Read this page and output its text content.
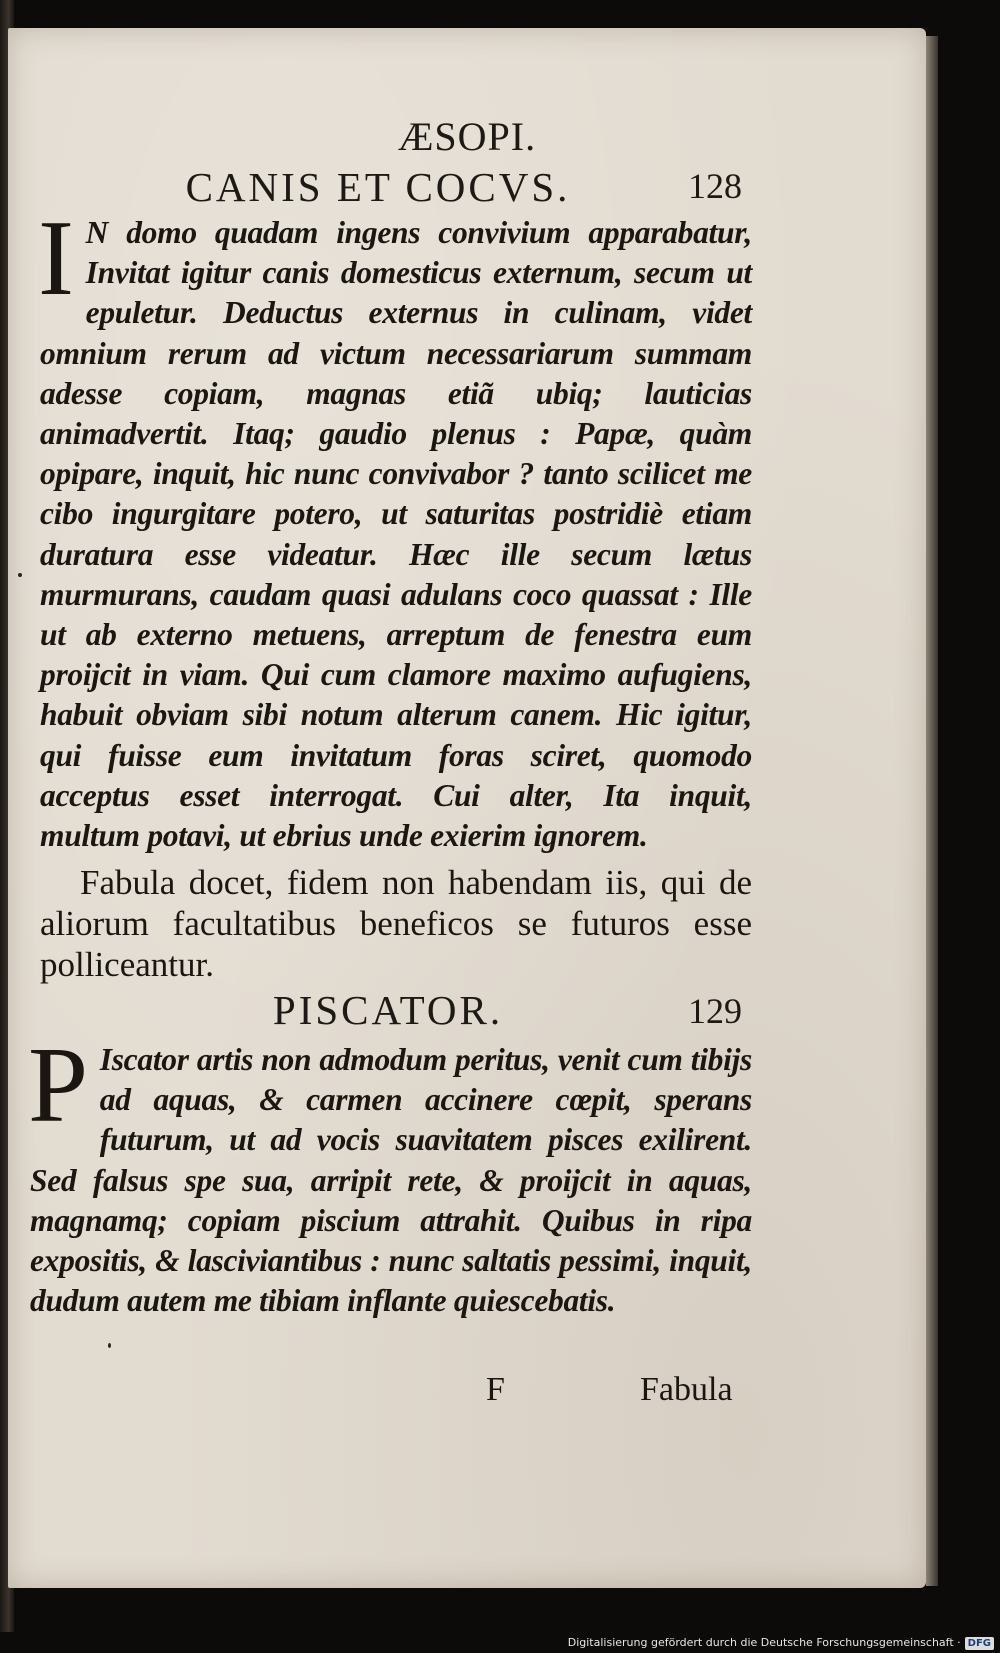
ÆSOPI.
CANIS ET COCVS.	128

I N domo quadam ingens convivium apparabatur, Invitat igitur canis domesticus externum, secum ut epuletur. Deductus externus in culinam, videt omnium rerum ad victum necessariarum summam adesse copiam, magnas etiã ubiq; lauticias animadvertit. Itaq; gaudio plenus : Papæ, quàm opipare, inquit, hic nunc convivabor ? tanto scilicet me cibo ingurgitare potero, ut saturitas postridiè etiam duratura esse videatur. Hæc ille secum lætus murmurans, caudam quasi adulans coco quassat : Ille ut ab externo metuens, arreptum de fenestra eum proijcit in viam. Qui cum clamore maximo aufugiens, habuit obviam sibi notum alterum canem. Hic igitur, qui fuisse eum invitatum foras sciret, quomodo acceptus esset interrogat. Cui alter, Ita inquit,

multum potavi, ut ebrius unde exierim ignorem.

Fabula docet, fidem non habendam iis, qui de aliorum facultatibus beneficos se futuros esse polliceantur.

PISCATOR.	129

P Iscator artis non admodum peritus, venit cum tibijs ad aquas, & carmen accinere cœpit, sperans futurum, ut ad vocis suavitatem pisces exilirent. Sed falsus spe sua, arripit rete, & proijcit in aquas, magnamq; copiam piscium attrahit. Quibus in ripa expositis, & lasciviantibus : nunc saltatis pessimi, inquit,

dudum autem me tibiam inflante quiescebatis.

F	Fabula
Digitalisierung gefördert durch die Deutsche Forschungsgemeinschaft · DFG
